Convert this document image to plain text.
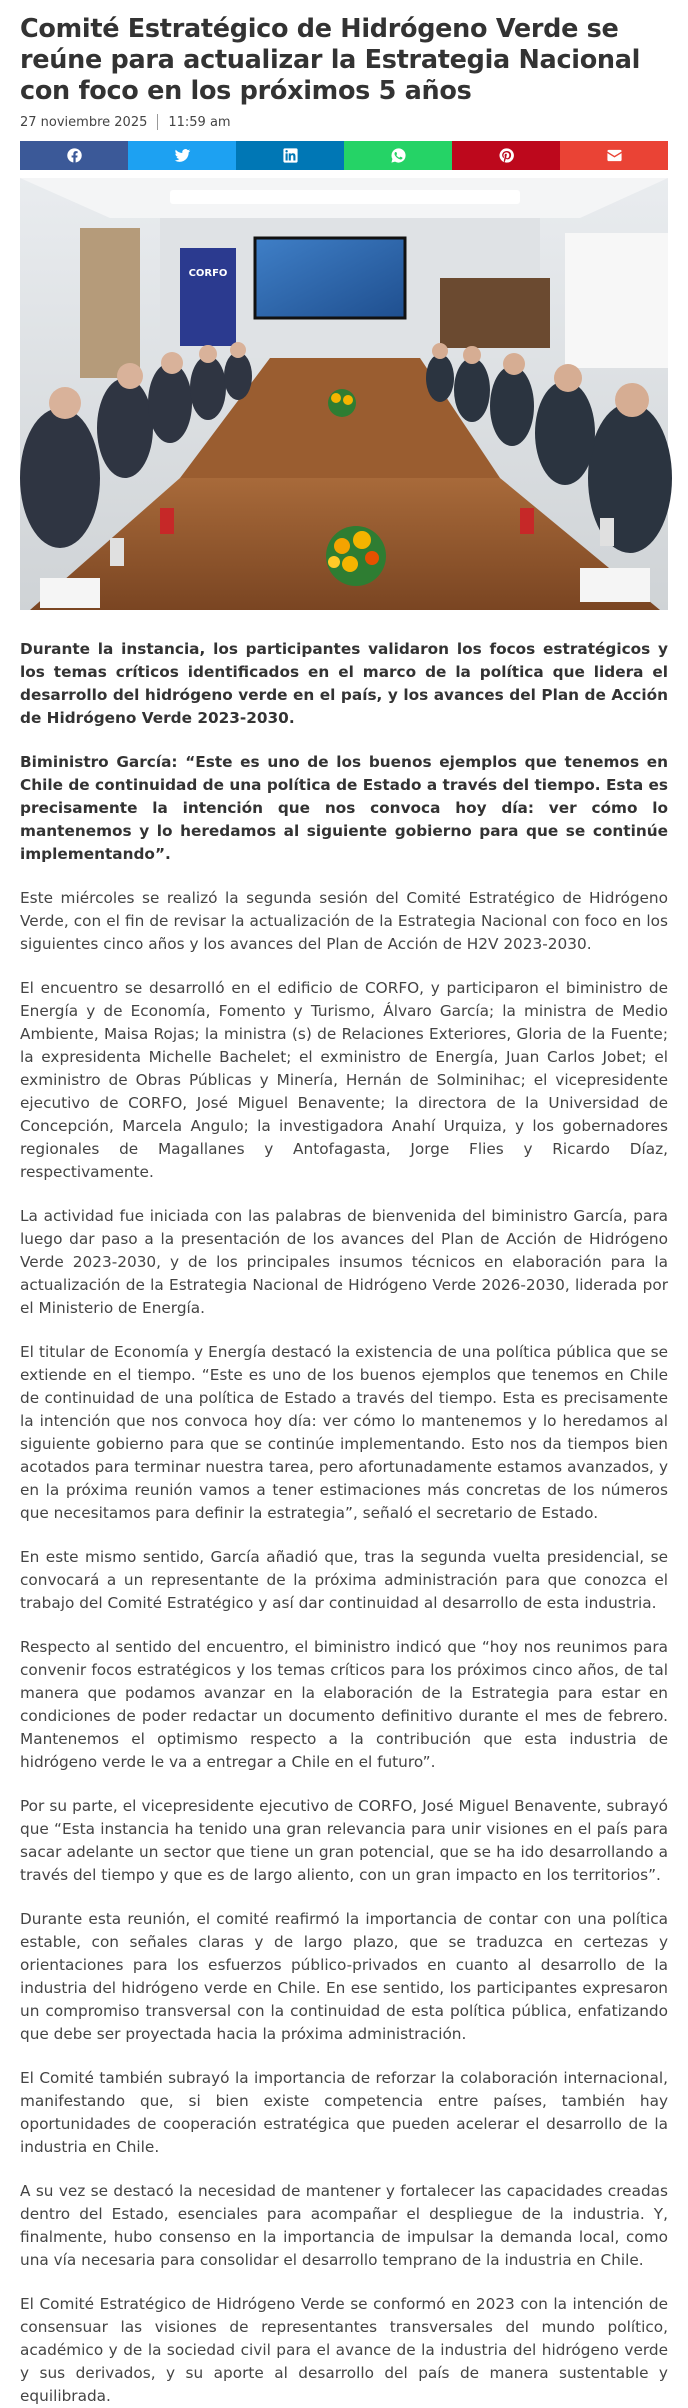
Comité Estratégico de Hidrógeno Verde se reúne para actualizar la Estrategia Nacional con foco en los próximos 5 años
27 noviembre 2025 11:59 am
CORFO

Durante la instancia, los participantes validaron los focos estratégicos y los temas críticos identificados en el marco de la política que lidera el desarrollo del hidrógeno verde en el país, y los avances del Plan de Acción de Hidrógeno Verde 2023-2030.

Biministro García: “Este es uno de los buenos ejemplos que tenemos en Chile de continuidad de una política de Estado a través del tiempo. Esta es precisamente la intención que nos convoca hoy día: ver cómo lo mantenemos y lo heredamos al siguiente gobierno para que se continúe implementando”.

Este miércoles se realizó la segunda sesión del Comité Estratégico de Hidrógeno Verde, con el fin de revisar la actualización de la Estrategia Nacional con foco en los siguientes cinco años y los avances del Plan de Acción de H2V 2023-2030.

El encuentro se desarrolló en el edificio de CORFO, y participaron el biministro de Energía y de Economía, Fomento y Turismo, Álvaro García; la ministra de Medio Ambiente, Maisa Rojas; la ministra (s) de Relaciones Exteriores, Gloria de la Fuente; la expresidenta Michelle Bachelet; el exministro de Energía, Juan Carlos Jobet; el exministro de Obras Públicas y Minería, Hernán de Solminihac; el vicepresidente ejecutivo de CORFO, José Miguel Benavente; la directora de la Universidad de Concepción, Marcela Angulo; la investigadora Anahí Urquiza, y los gobernadores regionales de Magallanes y Antofagasta, Jorge Flies y Ricardo Díaz, respectivamente.

La actividad fue iniciada con las palabras de bienvenida del biministro García, para luego dar paso a la presentación de los avances del Plan de Acción de Hidrógeno Verde 2023-2030, y de los principales insumos técnicos en elaboración para la actualización de la Estrategia Nacional de Hidrógeno Verde 2026-2030, liderada por el Ministerio de Energía.

El titular de Economía y Energía destacó la existencia de una política pública que se extiende en el tiempo. “Este es uno de los buenos ejemplos que tenemos en Chile de continuidad de una política de Estado a través del tiempo. Esta es precisamente la intención que nos convoca hoy día: ver cómo lo mantenemos y lo heredamos al siguiente gobierno para que se continúe implementando. Esto nos da tiempos bien acotados para terminar nuestra tarea, pero afortunadamente estamos avanzados, y en la próxima reunión vamos a tener estimaciones más concretas de los números que necesitamos para definir la estrategia”, señaló el secretario de Estado.

En este mismo sentido, García añadió que, tras la segunda vuelta presidencial, se convocará a un representante de la próxima administración para que conozca el trabajo del Comité Estratégico y así dar continuidad al desarrollo de esta industria.

Respecto al sentido del encuentro, el biministro indicó que “hoy nos reunimos para convenir focos estratégicos y los temas críticos para los próximos cinco años, de tal manera que podamos avanzar en la elaboración de la Estrategia para estar en condiciones de poder redactar un documento definitivo durante el mes de febrero. Mantenemos el optimismo respecto a la contribución que esta industria de hidrógeno verde le va a entregar a Chile en el futuro”.

Por su parte, el vicepresidente ejecutivo de CORFO, José Miguel Benavente, subrayó que “Esta instancia ha tenido una gran relevancia para unir visiones en el país para sacar adelante un sector que tiene un gran potencial, que se ha ido desarrollando a través del tiempo y que es de largo aliento, con un gran impacto en los territorios”.

Durante esta reunión, el comité reafirmó la importancia de contar con una política estable, con señales claras y de largo plazo, que se traduzca en certezas y orientaciones para los esfuerzos público-privados en cuanto al desarrollo de la industria del hidrógeno verde en Chile. En ese sentido, los participantes expresaron un compromiso transversal con la continuidad de esta política pública, enfatizando que debe ser proyectada hacia la próxima administración.

El Comité también subrayó la importancia de reforzar la colaboración internacional, manifestando que, si bien existe competencia entre países, también hay oportunidades de cooperación estratégica que pueden acelerar el desarrollo de la industria en Chile.

A su vez se destacó la necesidad de mantener y fortalecer las capacidades creadas dentro del Estado, esenciales para acompañar el despliegue de la industria. Y, finalmente, hubo consenso en la importancia de impulsar la demanda local, como una vía necesaria para consolidar el desarrollo temprano de la industria en Chile.

El Comité Estratégico de Hidrógeno Verde se conformó en 2023 con la intención de consensuar las visiones de representantes transversales del mundo político, académico y de la sociedad civil para el avance de la industria del hidrógeno verde y sus derivados, y su aporte al desarrollo del país de manera sustentable y equilibrada.
